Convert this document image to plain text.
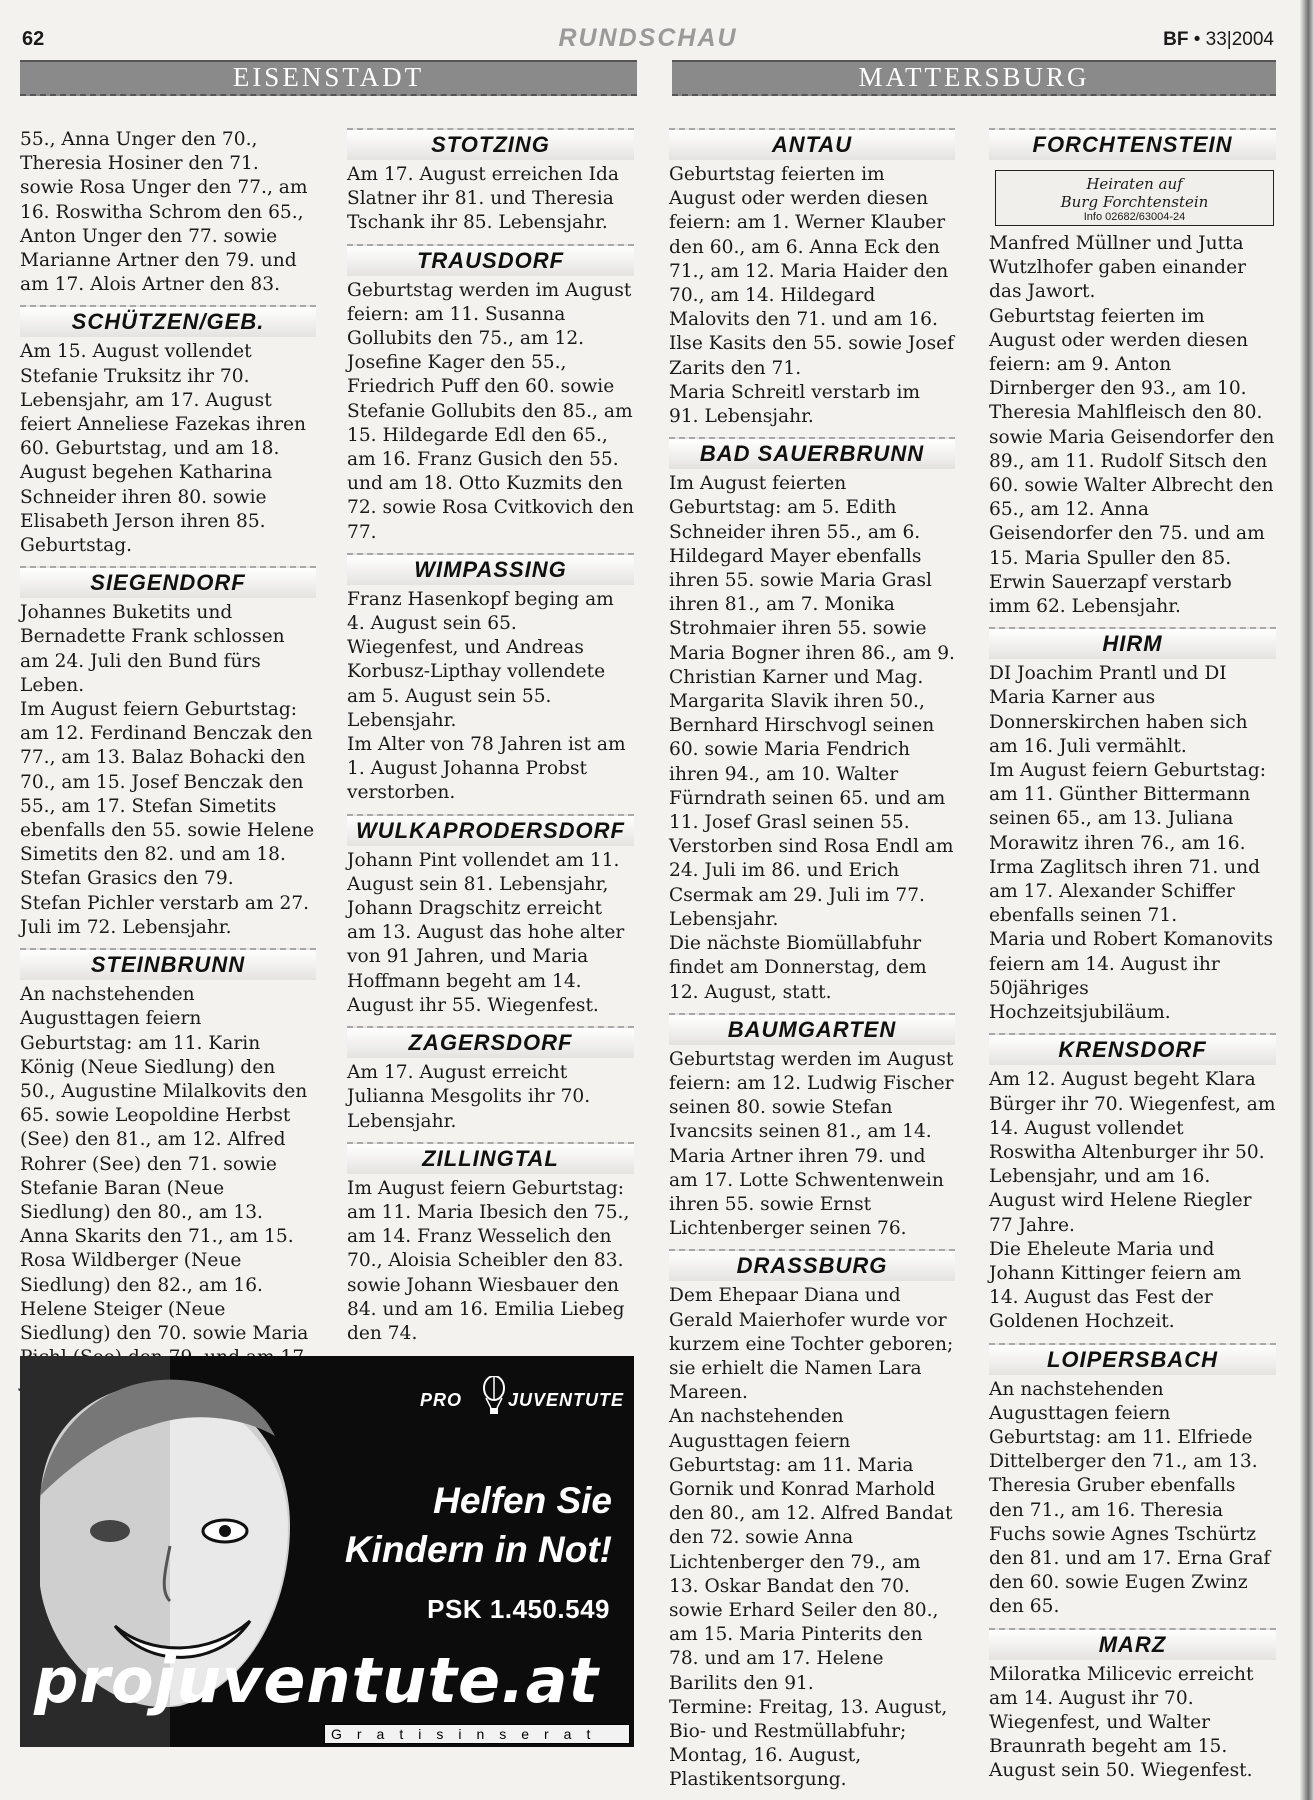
62	RUNDSCHAU	BF • 33|2004
EISENSTADT	MATTERSBURG

55., Anna Unger den 70., Theresia Hosiner den 71. sowie Rosa Unger den 77., am 16. Roswitha Schrom den 65., Anton Unger den 77. sowie Marianne Artner den 79. und am 17. Alois Artner den 83.

SCHÜTZEN/GEB.

Am 15. August vollendet Stefanie Truksitz ihr 70. Lebensjahr, am 17. August feiert Anneliese Fazekas ihren 60. Geburtstag, und am 18. August begehen Katharina Schneider ihren 80. sowie Elisabeth Jerson ihren 85. Geburtstag.

SIEGENDORF

Johannes Buketits und Bernadette Frank schlossen am 24. Juli den Bund fürs Leben.

Im August feiern Geburtstag: am 12. Ferdinand Benczak den 77., am 13. Balaz Bohacki den 70., am 15. Josef Benczak den 55., am 17. Stefan Simetits ebenfalls den 55. sowie Helene Simetits den 82. und am 18. Stefan Grasics den 79.

Stefan Pichler verstarb am 27. Juli im 72. Lebensjahr.

STEINBRUNN

An nachstehenden Augusttagen feiern Geburtstag: am 11. Karin König (Neue Siedlung) den 50., Augustine Milalkovits den 65. sowie Leopoldine Herbst (See) den 81., am 12. Alfred Rohrer (See) den 71. sowie Stefanie Baran (Neue Siedlung) den 80., am 13. Anna Skarits den 71., am 15. Rosa Wildberger (Neue Siedlung) den 82., am 16. Helene Steiger (Neue Siedlung) den 70. sowie Maria

STOTZING

Am 17. August erreichen Ida Slatner ihr 81. und Theresia Tschank ihr 85. Lebensjahr.

TRAUSDORF

Geburtstag werden im August feiern: am 11. Susanna Gollubits den 75., am 12. Josefine Kager den 55., Friedrich Puff den 60. sowie Stefanie Gollubits den 85., am 15. Hildegarde Edl den 65., am 16. Franz Gusich den 55. und am 18. Otto Kuzmits den 72. sowie Rosa Cvitkovich den 77.

WIMPASSING

Franz Hasenkopf beging am 4. August sein 65. Wiegenfest, und Andreas Korbusz-Lipthay vollendete am 5. August sein 55. Lebensjahr.

Im Alter von 78 Jahren ist am 1. August Johanna Probst verstorben.

WULKAPRODERSDORF

Johann Pint vollendet am 11. August sein 81. Lebensjahr, Johann Dragschitz erreicht am 13. August das hohe alter von 91 Jahren, und Maria Hoffmann begeht am 14. August ihr 55. Wiegenfest.

ZAGERSDORF

Am 17. August erreicht Julianna Mesgolits ihr 70. Lebensjahr.

ZILLINGTAL

Im August feiern Geburtstag: am 11. Maria Ibesich den 75., am 14. Franz Wesselich den 70., Aloisia Scheibler den 83. sowie Johann Wiesbauer den 84. und am 16. Emilia Liebeg den 74.

ANTAU

Geburtstag feierten im August oder werden diesen feiern: am 1. Werner Klauber den 60., am 6. Anna Eck den 71., am 12. Maria Haider den 70., am 14. Hildegard Malovits den 71. und am 16. Ilse Kasits den 55. sowie Josef Zarits den 71.

Maria Schreitl verstarb im 91. Lebensjahr.

BAD SAUERBRUNN

Im August feierten Geburtstag: am 5. Edith Schneider ihren 55., am 6. Hildegard Mayer ebenfalls ihren 55. sowie Maria Grasl ihren 81., am 7. Monika Strohmaier ihren 55. sowie Maria Bogner ihren 86., am 9. Christian Karner und Mag. Margarita Slavik ihren 50., Bernhard Hirschvogl seinen 60. sowie Maria Fendrich ihren 94., am 10. Walter Fürndrath seinen 65. und am 11. Josef Grasl seinen 55.

Verstorben sind Rosa Endl am 24. Juli im 86. und Erich Csermak am 29. Juli im 77. Lebensjahr.

Die nächste Biomüllabfuhr findet am Donnerstag, dem 12. August, statt.

BAUMGARTEN

Geburtstag werden im August feiern: am 12. Ludwig Fischer seinen 80. sowie Stefan Ivancsits seinen 81., am 14. Maria Artner ihren 79. und am 17. Lotte Schwentenwein ihren 55. sowie Ernst Lichtenberger seinen 76.

DRASSBURG

Dem Ehepaar Diana und Gerald Maierhofer wurde vor kurzem eine Tochter geboren; sie erhielt die Namen Lara Mareen.

An nachstehenden Augusttagen feiern Geburtstag: am 11. Maria Gornik und Konrad Marhold den 80., am 12. Alfred Bandat den 72. sowie Anna Lichtenberger den 79., am 13. Oskar Bandat den 70. sowie Erhard Seiler den 80., am 15. Maria Pinterits den 78. und am 17. Helene Barilits den 91.

Termine: Freitag, 13. August, Bio- und Restmüllabfuhr; Montag, 16. August, Plastikentsorgung.

FORCHTENSTEIN
Heiraten auf
Burg Forchtenstein
Info 02682/63004-24

Manfred Müllner und Jutta Wutzlhofer gaben einander das Jawort.

Geburtstag feierten im August oder werden diesen feiern: am 9. Anton Dirnberger den 93., am 10. Theresia Mahlfleisch den 80. sowie Maria Geisendorfer den 89., am 11. Rudolf Sitsch den 60. sowie Walter Albrecht den 65., am 12. Anna Geisendorfer den 75. und am 15. Maria Spuller den 85.

Erwin Sauerzapf verstarb imm 62. Lebensjahr.

HIRM

DI Joachim Prantl und DI Maria Karner aus Donnerskirchen haben sich am 16. Juli vermählt.

Im August feiern Geburtstag: am 11. Günther Bittermann seinen 65., am 13. Juliana Morawitz ihren 76., am 16. Irma Zaglitsch ihren 71. und am 17. Alexander Schiffer ebenfalls seinen 71.

Maria und Robert Komanovits feiern am 14. August ihr 50jähriges Hochzeitsjubiläum.

KRENSDORF

Am 12. August begeht Klara Bürger ihr 70. Wiegenfest, am 14. August vollendet Roswitha Altenburger ihr 50. Lebensjahr, und am 16. August wird Helene Riegler 77 Jahre.

Die Eheleute Maria und Johann Kittinger feiern am 14. August das Fest der Goldenen Hochzeit.

LOIPERSBACH

An nachstehenden Augusttagen feiern Geburtstag: am 11. Elfriede Dittelberger den 71., am 13. Theresia Gruber ebenfalls den 71., am 16. Theresia Fuchs sowie Agnes Tschürtz den 81. und am 17. Erna Graf den 60. sowie Eugen Zwinz den 65.

MARZ

Miloratka Milicevic erreicht am 14. August ihr 70. Wiegenfest, und Walter Braunrath begeht am 15. August sein 50. Wiegenfest.

PRO	JUVENTUTE
Helfen Sie
Kindern in Not!
PSK 1.450.549
projuventute.at
Gratisinserat
